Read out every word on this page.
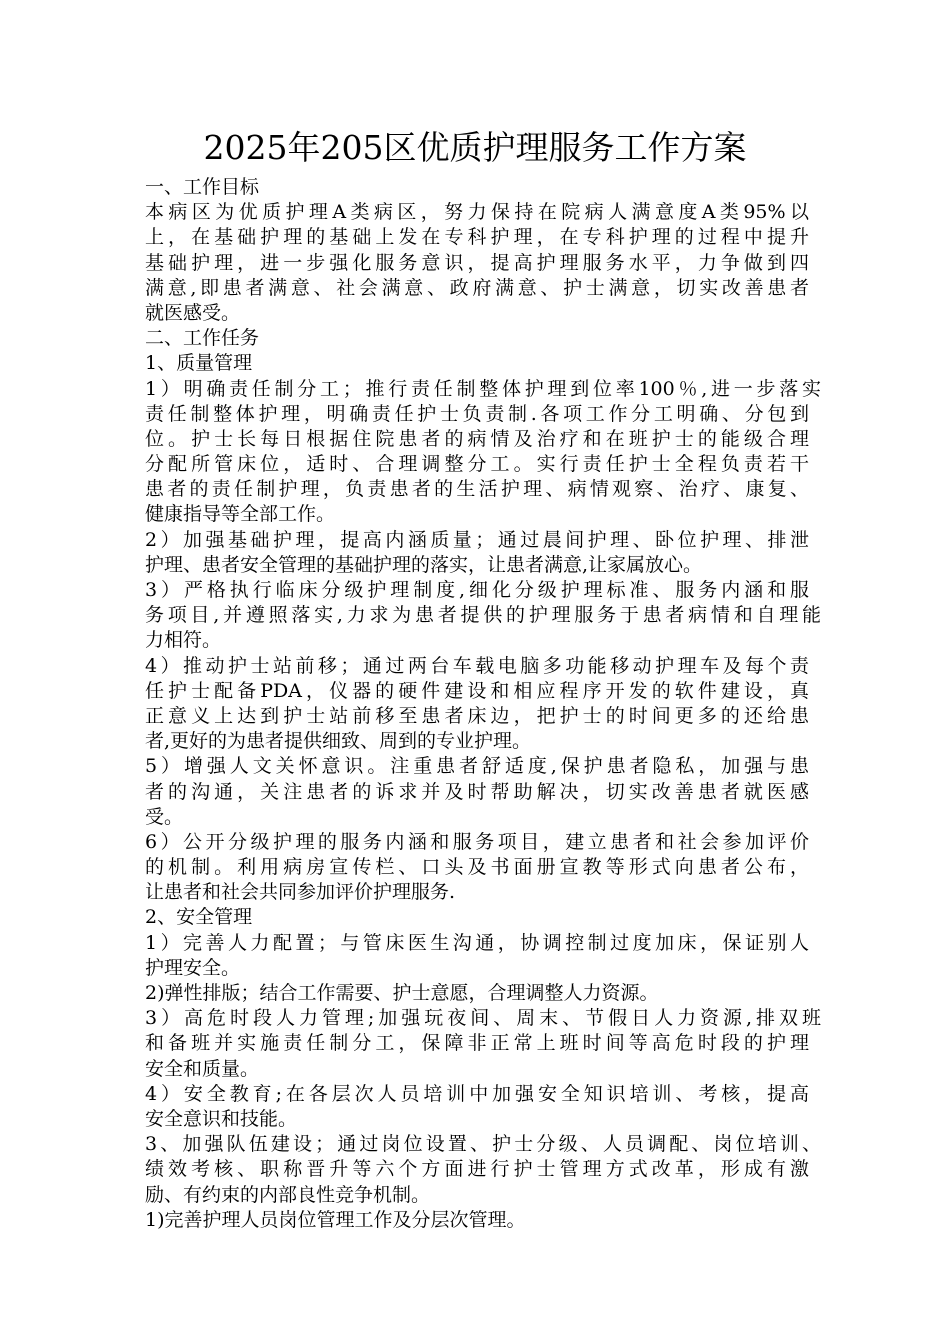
2025年205区优质护理服务工作方案
一、工作目标
本病区为优质护理A类病区，努力保持在院病人满意度A类95%以
上，在基础护理的基础上发在专科护理，在专科护理的过程中提升
基础护理，进一步强化服务意识，提高护理服务水平，力争做到四
满意,即患者满意、社会满意、政府满意、护士满意，切实改善患者
就医感受。
二、工作任务
1、质量管理
1）明确责任制分工；推行责任制整体护理到位率100％,进一步落实
责任制整体护理，明确责任护士负责制.各项工作分工明确、分包到
位。护士长每日根据住院患者的病情及治疗和在班护士的能级合理
分配所管床位，适时、合理调整分工。实行责任护士全程负责若干
患者的责任制护理，负责患者的生活护理、病情观察、治疗、康复、
健康指导等全部工作。
2）加强基础护理，提高内涵质量；通过晨间护理、卧位护理、排泄
护理、患者安全管理的基础护理的落实，让患者满意,让家属放心。
3）严格执行临床分级护理制度,细化分级护理标准、服务内涵和服
务项目,并遵照落实,力求为患者提供的护理服务于患者病情和自理能
力相符。
4）推动护士站前移；通过两台车载电脑多功能移动护理车及每个责
任护士配备PDA，仪器的硬件建设和相应程序开发的软件建设，真
正意义上达到护士站前移至患者床边，把护士的时间更多的还给患
者,更好的为患者提供细致、周到的专业护理。
5）增强人文关怀意识。注重患者舒适度,保护患者隐私，加强与患
者的沟通，关注患者的诉求并及时帮助解决，切实改善患者就医感
受。
6）公开分级护理的服务内涵和服务项目，建立患者和社会参加评价
的机制。利用病房宣传栏、口头及书面册宣教等形式向患者公布，
让患者和社会共同参加评价护理服务.
2、安全管理
1）完善人力配置；与管床医生沟通，协调控制过度加床，保证别人
护理安全。
2)弹性排版；结合工作需要、护士意愿，合理调整人力资源。
3）高危时段人力管理;加强玩夜间、周末、节假日人力资源,排双班
和备班并实施责任制分工，保障非正常上班时间等高危时段的护理
安全和质量。
4）安全教育;在各层次人员培训中加强安全知识培训、考核，提高
安全意识和技能。
3、加强队伍建设；通过岗位设置、护士分级、人员调配、岗位培训、
绩效考核、职称晋升等六个方面进行护士管理方式改革，形成有激
励、有约束的内部良性竞争机制。
1)完善护理人员岗位管理工作及分层次管理。
